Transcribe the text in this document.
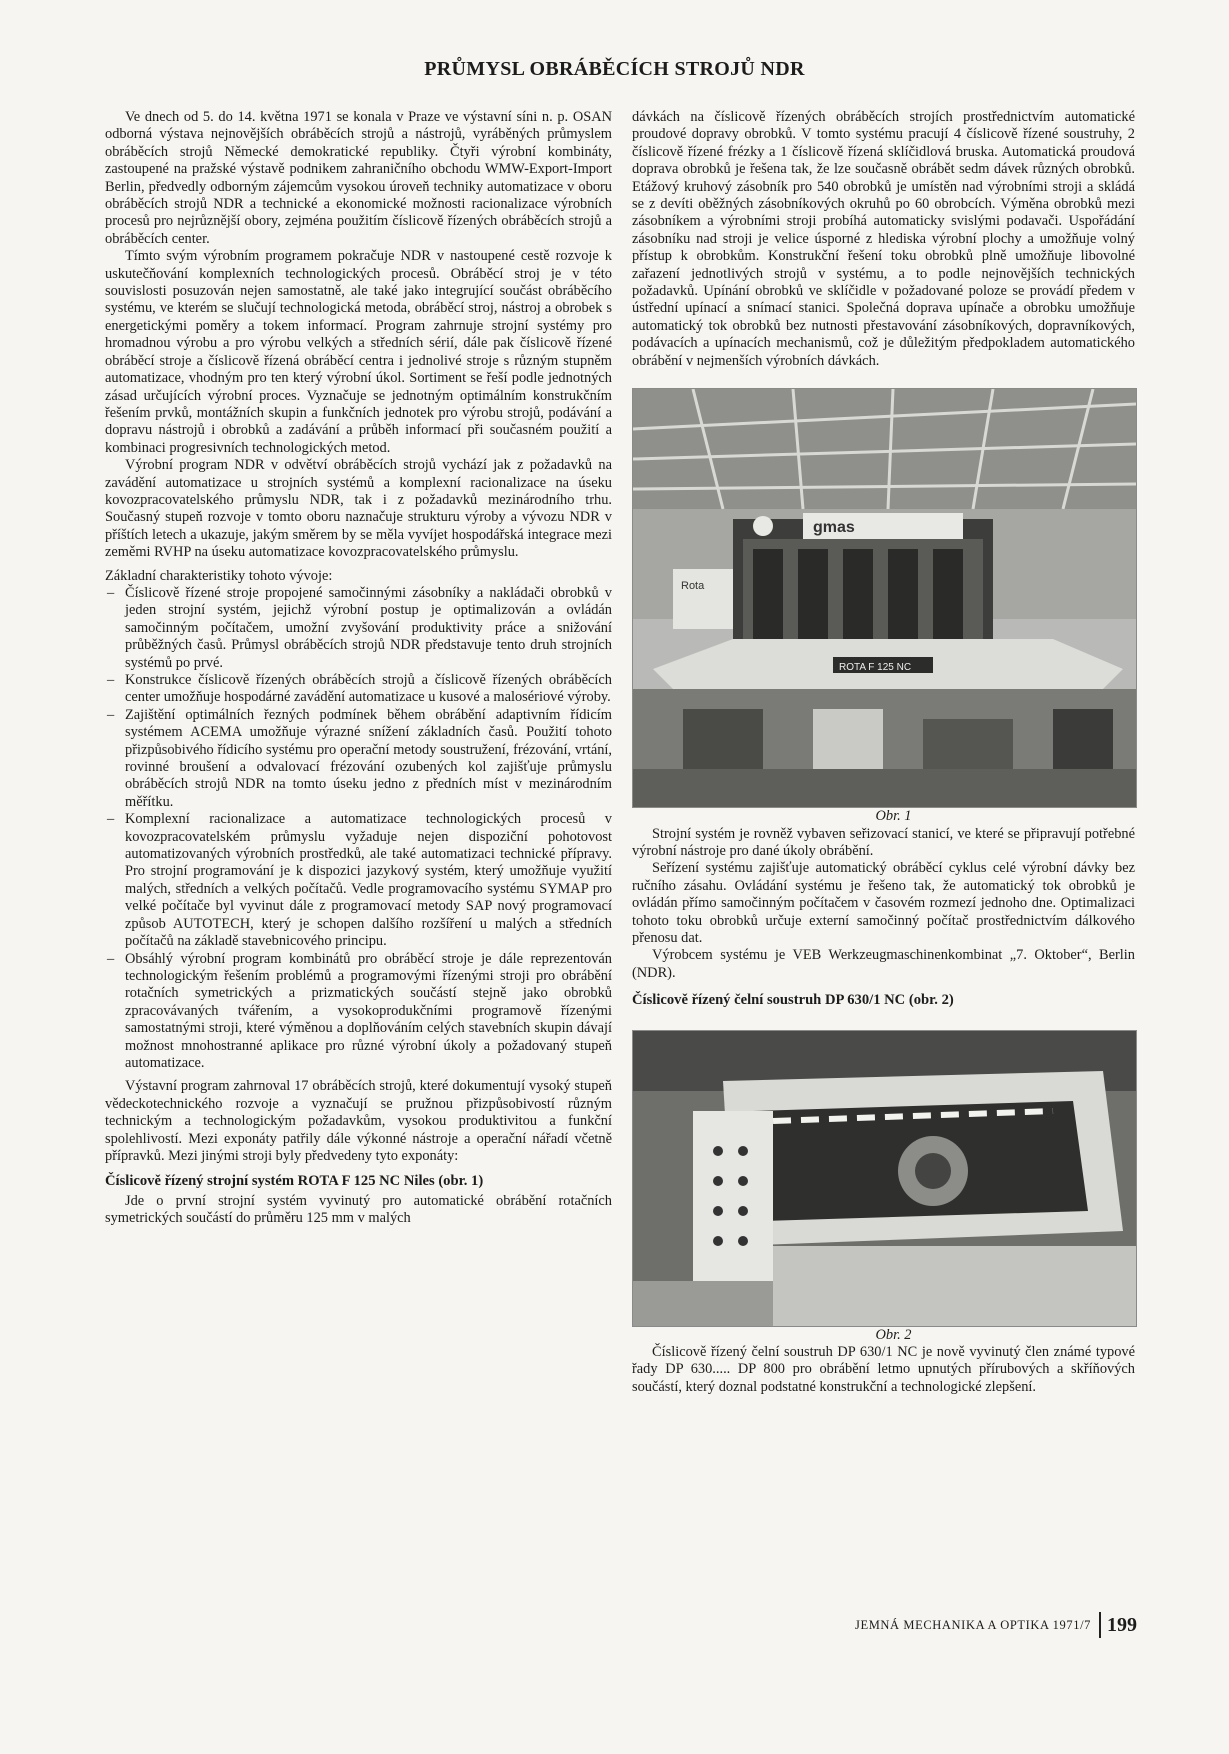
PRŮMYSL OBRÁBĚCÍCH STROJŮ NDR

Ve dnech od 5. do 14. května 1971 se konala v Praze ve výstavní síni n. p. OSAN odborná výstava nejnovějších obráběcích strojů a nástrojů, vyráběných průmyslem obráběcích strojů Německé demokratické republiky. Čtyři výrobní kombináty, zastoupené na pražské výstavě podnikem zahraničního obchodu WMW-Export-Import Berlin, předvedly odborným zájemcům vysokou úroveň techniky automatizace v oboru obráběcích strojů NDR a technické a ekonomické možnosti racionalizace výrobních procesů pro nejrůznější obory, zejména použitím číslicově řízených obráběcích strojů a obráběcích center.

Tímto svým výrobním programem pokračuje NDR v nastoupené cestě rozvoje k uskutečňování komplexních technologických procesů. Obráběcí stroj je v této souvislosti posuzován nejen samostatně, ale také jako integrující součást obráběcího systému, ve kterém se slučují technologická metoda, obráběcí stroj, nástroj a obrobek s energetickými poměry a tokem informací. Program zahrnuje strojní systémy pro hromadnou výrobu a pro výrobu velkých a středních sérií, dále pak číslicově řízené obráběcí stroje a číslicově řízená obráběcí centra i jednolivé stroje s různým stupněm automatizace, vhodným pro ten který výrobní úkol. Sortiment se řeší podle jednotných zásad určujících výrobní proces. Vyznačuje se jednotným optimálním konstrukčním řešením prvků, montážních skupin a funkčních jednotek pro výrobu strojů, podávání a dopravu nástrojů i obrobků a zadávání a průběh informací při současném použití a kombinaci progresivních technologických metod.

Výrobní program NDR v odvětví obráběcích strojů vychází jak z požadavků na zavádění automatizace u strojních systémů a komplexní racionalizace na úseku kovozpracovatelského průmyslu NDR, tak i z požadavků mezinárodního trhu. Současný stupeň rozvoje v tomto oboru naznačuje strukturu výroby a vývozu NDR v příštích letech a ukazuje, jakým směrem by se měla vyvíjet hospodářská integrace mezi zeměmi RVHP na úseku automatizace kovozpracovatelského průmyslu.

Základní charakteristiky tohoto vývoje:

– Číslicově řízené stroje propojené samočinnými zásobníky a nakládači obrobků v jeden strojní systém, jejichž výrobní postup je optimalizován a ovládán samočinným počítačem, umožní zvyšování produktivity práce a snižování průběžných časů. Průmysl obráběcích strojů NDR představuje tento druh strojních systémů po prvé.
– Konstrukce číslicově řízených obráběcích strojů a číslicově řízených obráběcích center umožňuje hospodárné zavádění automatizace u kusové a malosériové výroby.
– Zajištění optimálních řezných podmínek během obrábění adaptivním řídicím systémem ACEMA umožňuje výrazné snížení základních časů. Použití tohoto přizpůsobivého řídicího systému pro operační metody soustružení, frézování, vrtání, rovinné broušení a odvalovací frézování ozubených kol zajišťuje průmyslu obráběcích strojů NDR na tomto úseku jedno z předních míst v mezinárodním měřítku.
– Komplexní racionalizace a automatizace technologických procesů v kovozpracovatelském průmyslu vyžaduje nejen dispoziční pohotovost automatizovaných výrobních prostředků, ale také automatizaci technické přípravy. Pro strojní programování je k dispozici jazykový systém, který umožňuje využití malých, středních a velkých počítačů. Vedle programovacího systému SYMAP pro velké počítače byl vyvinut dále z programovací metody SAP nový programovací způsob AUTOTECH, který je schopen dalšího rozšíření u malých a středních počítačů na základě stavebnicového principu.
– Obsáhlý výrobní program kombinátů pro obráběcí stroje je dále reprezentován technologickým řešením problémů a programovými řízenými stroji pro obrábění rotačních symetrických a prizmatických součástí stejně jako obrobků zpracovávaných tvářením, a vysokoprodukčními programově řízenými samostatnými stroji, které výměnou a doplňováním celých stavebních skupin dávají možnost mnohostranné aplikace pro různé výrobní úkoly a požadovaný stupeň automatizace.

Výstavní program zahrnoval 17 obráběcích strojů, které dokumentují vysoký stupeň vědeckotechnického rozvoje a vyznačují se pružnou přizpůsobivostí různým technickým a technologickým požadavkům, vysokou produktivitou a funkční spolehlivostí. Mezi exponáty patřily dále výkonné nástroje a operační nářadí včetně přípravků. Mezi jinými stroji byly předvedeny tyto exponáty:

Číslicově řízený strojní systém ROTA F 125 NC Niles (obr. 1)

Jde o první strojní systém vyvinutý pro automatické obrábění rotačních symetrických součástí do průměru 125 mm v malých

dávkách na číslicově řízených obráběcích strojích prostřednictvím automatické proudové dopravy obrobků. V tomto systému pracují 4 číslicově řízené soustruhy, 2 číslicově řízené frézky a 1 číslicově řízená sklíčidlová bruska. Automatická proudová doprava obrobků je řešena tak, že lze současně obrábět sedm dávek různých obrobků. Etážový kruhový zásobník pro 540 obrobků je umístěn nad výrobními stroji a skládá se z devíti oběžných zásobníkových okruhů po 60 obrobcích. Výměna obrobků mezi zásobníkem a výrobními stroji probíhá automaticky svislými podavači. Uspořádání zásobníku nad stroji je velice úsporné z hlediska výrobní plochy a umožňuje volný přístup k obrobkům. Konstrukční řešení toku obrobků plně umožňuje libovolné zařazení jednotlivých strojů v systému, a to podle nejnovějších technických požadavků. Upínání obrobků ve sklíčidle v požadované poloze se provádí předem v ústřední upínací a snímací stanici. Společná doprava upínače a obrobku umožňuje automatický tok obrobků bez nutnosti přestavování zásobníkových, dopravníkových, podávacích a upínacích mechanismů, což je důležitým předpokladem automatického obrábění v nejmenších výrobních dávkách.

gmas
Rota
ROTA F 125 NC

Obr. 1

Strojní systém je rovněž vybaven seřizovací stanicí, ve které se připravují potřebné výrobní nástroje pro dané úkoly obrábění.

Seřízení systému zajišťuje automatický obráběcí cyklus celé výrobní dávky bez ručního zásahu. Ovládání systému je řešeno tak, že automatický tok obrobků je ovládán přímo samočinným počítačem v časovém rozmezí jednoho dne. Optimalizaci tohoto toku obrobků určuje externí samočinný počítač prostřednictvím dálkového přenosu dat.

Výrobcem systému je VEB Werkzeugmaschinenkombinat „7. Oktober“, Berlin (NDR).

Číslicově řízený čelní soustruh DP 630/1 NC (obr. 2)

Obr. 2

Číslicově řízený čelní soustruh DP 630/1 NC je nově vyvinutý člen známé typové řady DP 630..... DP 800 pro obrábění letmo upnutých přírubových a skříňových součástí, který doznal podstatné konstrukční a technologické zlepšení.

JEMNÁ MECHANIKA A OPTIKA 1971/7 199
